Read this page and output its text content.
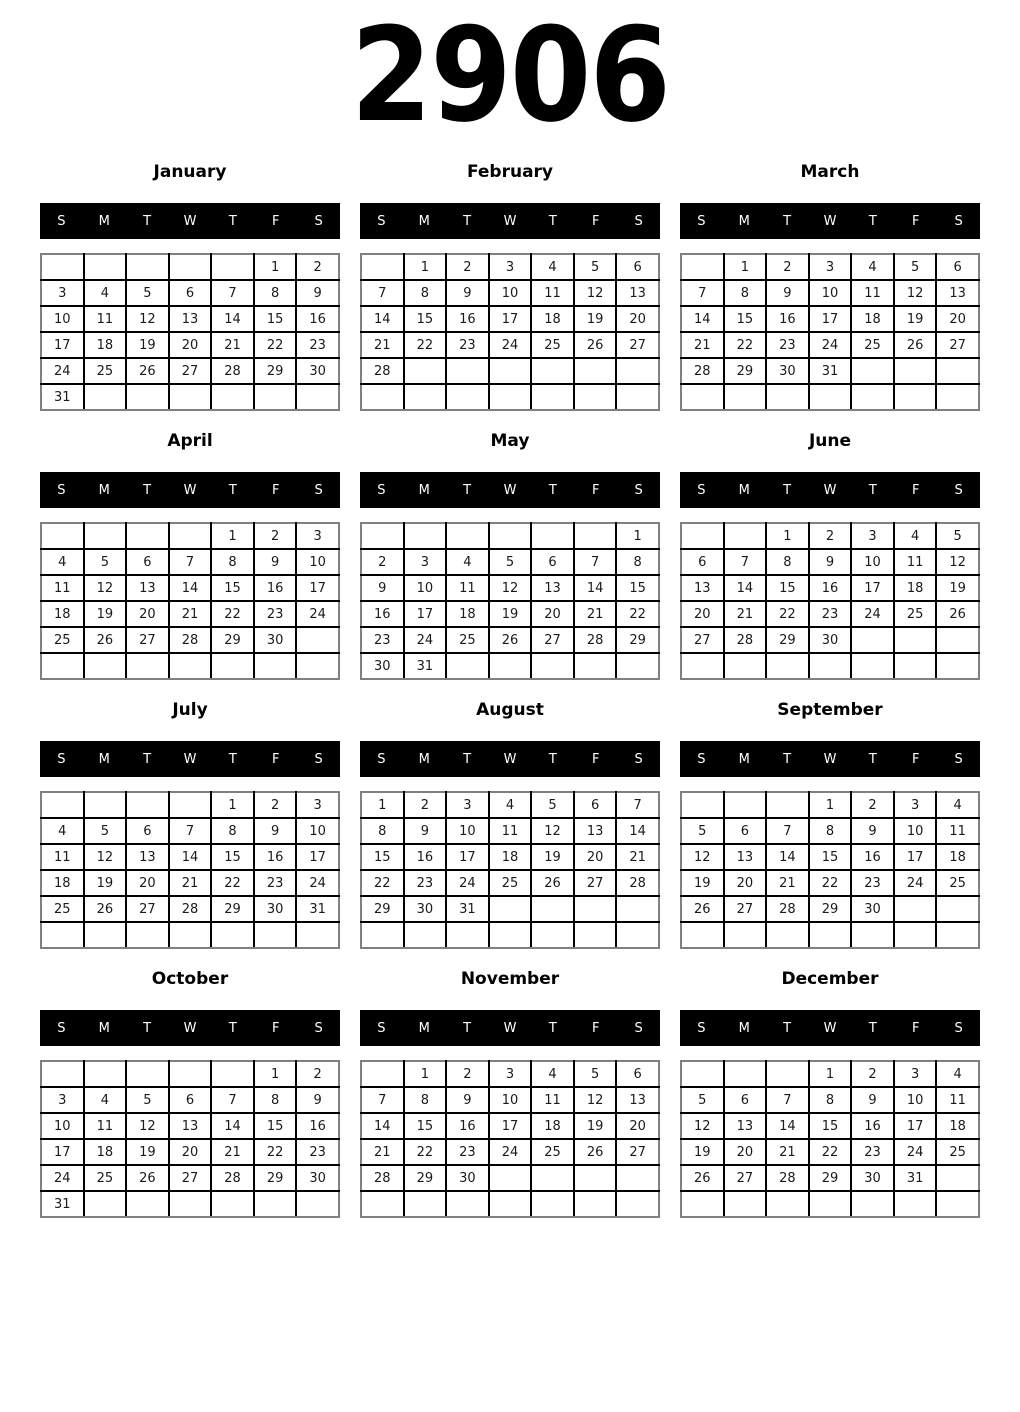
2906
January
S	M	T	W	T	F	S
					1	2
3	4	5	6	7	8	9
10	11	12	13	14	15	16
17	18	19	20	21	22	23
24	25	26	27	28	29	30
31						
February
S	M	T	W	T	F	S
	1	2	3	4	5	6
7	8	9	10	11	12	13
14	15	16	17	18	19	20
21	22	23	24	25	26	27
28						

March
S	M	T	W	T	F	S
	1	2	3	4	5	6
7	8	9	10	11	12	13
14	15	16	17	18	19	20
21	22	23	24	25	26	27
28	29	30	31			

April
S	M	T	W	T	F	S
				1	2	3
4	5	6	7	8	9	10
11	12	13	14	15	16	17
18	19	20	21	22	23	24
25	26	27	28	29	30	

May
S	M	T	W	T	F	S
						1
2	3	4	5	6	7	8
9	10	11	12	13	14	15
16	17	18	19	20	21	22
23	24	25	26	27	28	29
30	31					
June
S	M	T	W	T	F	S
		1	2	3	4	5
6	7	8	9	10	11	12
13	14	15	16	17	18	19
20	21	22	23	24	25	26
27	28	29	30			

July
S	M	T	W	T	F	S
				1	2	3
4	5	6	7	8	9	10
11	12	13	14	15	16	17
18	19	20	21	22	23	24
25	26	27	28	29	30	31

August
S	M	T	W	T	F	S
1	2	3	4	5	6	7
8	9	10	11	12	13	14
15	16	17	18	19	20	21
22	23	24	25	26	27	28
29	30	31				

September
S	M	T	W	T	F	S
			1	2	3	4
5	6	7	8	9	10	11
12	13	14	15	16	17	18
19	20	21	22	23	24	25
26	27	28	29	30		

October
S	M	T	W	T	F	S
					1	2
3	4	5	6	7	8	9
10	11	12	13	14	15	16
17	18	19	20	21	22	23
24	25	26	27	28	29	30
31						
November
S	M	T	W	T	F	S
	1	2	3	4	5	6
7	8	9	10	11	12	13
14	15	16	17	18	19	20
21	22	23	24	25	26	27
28	29	30				

December
S	M	T	W	T	F	S
			1	2	3	4
5	6	7	8	9	10	11
12	13	14	15	16	17	18
19	20	21	22	23	24	25
26	27	28	29	30	31	
